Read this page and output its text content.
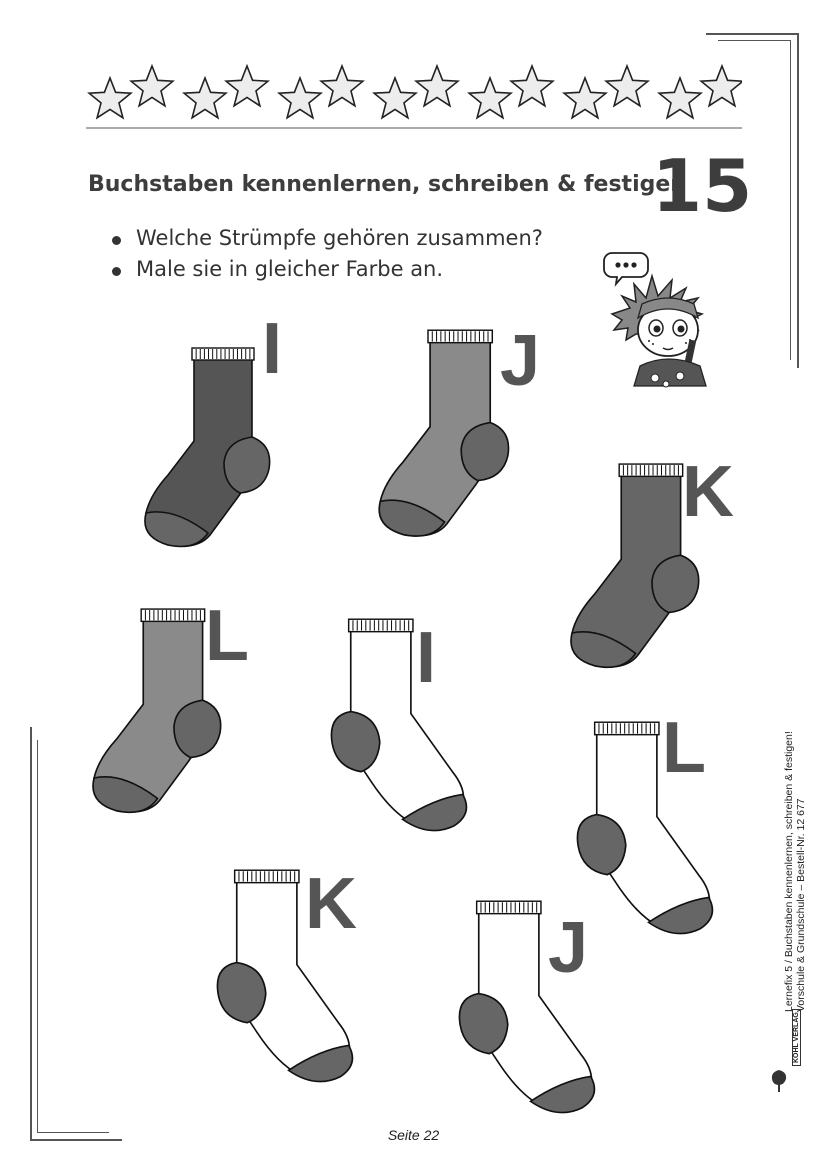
Buchstaben kennenlernen, schreiben & festigen
15
Welche Strümpfe gehören zusammen?
Male sie in gleicher Farbe an.
I	J
K
L I
L
K
J	Lernefix 5 / Buchstaben kennenlernen, schreiben & festigen! Vorschule & Grundschule – Bestell-Nr. 12 677
KOHL VERLAG
Seite 22
